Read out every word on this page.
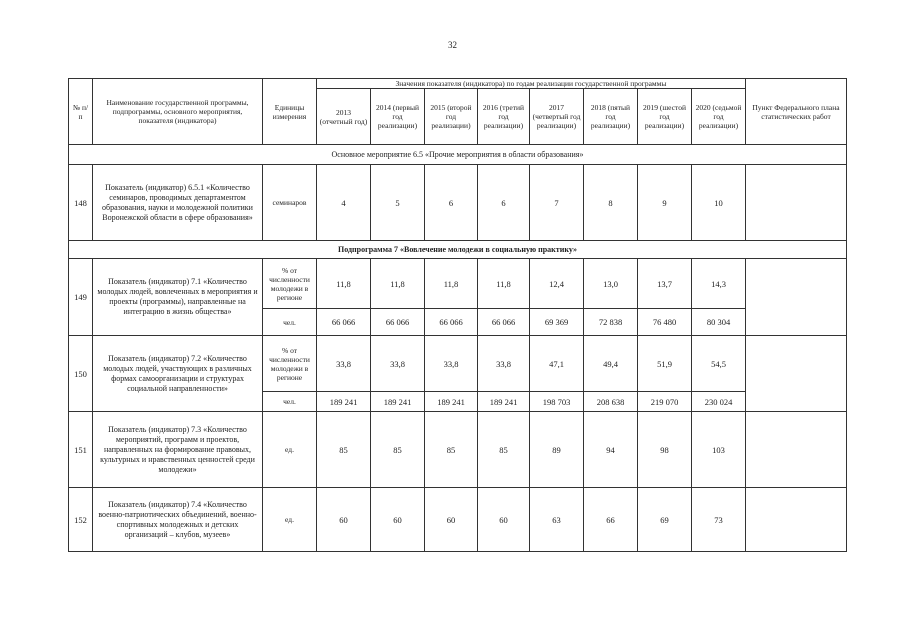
32
№ п/п	Наименование государственной программы, подпрограммы, основного мероприятия, показателя (индикатора)	Единицы измерения	Значения показателя (индикатора) по годам реализации государственной программы								Пункт Федерального плана статистических работ
			2013 (отчетный год)	2014 (первый год реализации)	2015 (второй год реализации)	2016 (третий год реализации)	2017 (четвертый год реализации)	2018 (пятый год реализации)	2019 (шестой год реализации)	2020 (седьмой год реализации)	
Основное мероприятие 6.5 «Прочие мероприятия в области образования»											
148	Показатель (индикатор) 6.5.1 «Количество семинаров, проводимых департаментом образования, науки и молодежной политики Воронежской области в сфере образования»	семинаров	4	5	6	6	7	8	9	10	
Подпрограмма 7 «Вовлечение молодежи в социальную практику»											
149	Показатель (индикатор) 7.1 «Количество молодых людей, вовлеченных в мероприятия и проекты (программы), направленные на интеграцию в жизнь общества»	% от численности молодежи в регионе	11,8	11,8	11,8	11,8	12,4	13,0	13,7	14,3	
		чел.	66 066	66 066	66 066	66 066	69 369	72 838	76 480	80 304	
150	Показатель (индикатор) 7.2 «Количество молодых людей, участвующих в различных формах самоорганизации и структурах социальной направленности»	% от численности молодежи в регионе	33,8	33,8	33,8	33,8	47,1	49,4	51,9	54,5	
		чел.	189 241	189 241	189 241	189 241	198 703	208 638	219 070	230 024	
151	Показатель (индикатор) 7.3 «Количество мероприятий, программ и проектов, направленных на формирование правовых, культурных и нравственных ценностей среди молодежи»	ед.	85	85	85	85	89	94	98	103	
152	Показатель (индикатор) 7.4 «Количество военно-патриотических объединений, военно-спортивных молодежных и детских организаций – клубов, музеев»	ед.	60	60	60	60	63	66	69	73	
